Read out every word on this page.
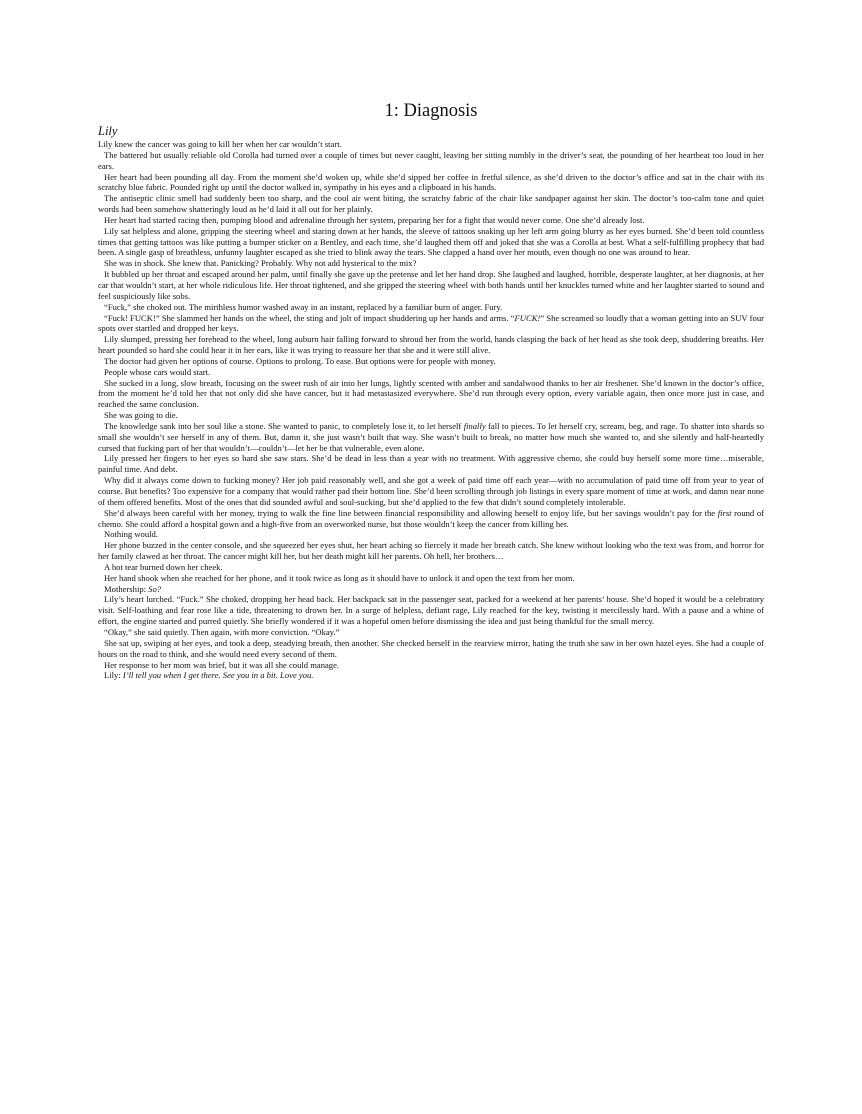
1: Diagnosis
Lily

Lily knew the cancer was going to kill her when her car wouldn’t start.

The battered but usually reliable old Corolla had turned over a couple of times but never caught, leaving her sitting numbly in the driver’s seat, the pounding of her heartbeat too loud in her ears.

Her heart had been pounding all day. From the moment she’d woken up, while she’d sipped her coffee in fretful silence, as she’d driven to the doctor’s office and sat in the chair with its scratchy blue fabric. Pounded right up until the doctor walked in, sympathy in his eyes and a clipboard in his hands.

The antiseptic clinic smell had suddenly been too sharp, and the cool air went biting, the scratchy fabric of the chair like sandpaper against her skin. The doctor’s too-calm tone and quiet words had been somehow shatteringly loud as he’d laid it all out for her plainly.

Her heart had started racing then, pumping blood and adrenaline through her system, preparing her for a fight that would never come. One she’d already lost.

Lily sat helpless and alone, gripping the steering wheel and staring down at her hands, the sleeve of tattoos snaking up her left arm going blurry as her eyes burned. She’d been told countless times that getting tattoos was like putting a bumper sticker on a Bentley, and each time, she’d laughed them off and joked that she was a Corolla at best. What a self-fulfilling prophecy that had been. A single gasp of breathless, unfunny laughter escaped as she tried to blink away the tears. She clapped a hand over her mouth, even though no one was around to hear.

She was in shock. She knew that. Panicking? Probably. Why not add hysterical to the mix?

It bubbled up her throat and escaped around her palm, until finally she gave up the pretense and let her hand drop. She laughed and laughed, horrible, desperate laughter, at her diagnosis, at her car that wouldn’t start, at her whole ridiculous life. Her throat tightened, and she gripped the steering wheel with both hands until her knuckles turned white and her laughter started to sound and feel suspiciously like sobs.

“Fuck,” she choked out. The mirthless humor washed away in an instant, replaced by a familiar burn of anger. Fury.

“Fuck! FUCK!” She slammed her hands on the wheel, the sting and jolt of impact shuddering up her hands and arms. “FUCK!” She screamed so loudly that a woman getting into an SUV four spots over startled and dropped her keys.

Lily slumped, pressing her forehead to the wheel, long auburn hair falling forward to shroud her from the world, hands clasping the back of her head as she took deep, shuddering breaths. Her heart pounded so hard she could hear it in her ears, like it was trying to reassure her that she and it were still alive.

The doctor had given her options of course. Options to prolong. To ease. But options were for people with money.

People whose cars would start.

She sucked in a long, slow breath, focusing on the sweet rush of air into her lungs, lightly scented with amber and sandalwood thanks to her air freshener. She’d known in the doctor’s office, from the moment he’d told her that not only did she have cancer, but it had metastasized everywhere. She’d run through every option, every variable again, then once more just in case, and reached the same conclusion.

She was going to die.

The knowledge sank into her soul like a stone. She wanted to panic, to completely lose it, to let herself finally fall to pieces. To let herself cry, scream, beg, and rage. To shatter into shards so small she wouldn’t see herself in any of them. But, damn it, she just wasn’t built that way. She wasn’t built to break, no matter how much she wanted to, and she silently and half-heartedly cursed that fucking part of her that wouldn’t—couldn’t—let her be that vulnerable, even alone.

Lily pressed her fingers to her eyes so hard she saw stars. She’d be dead in less than a year with no treatment. With aggressive chemo, she could buy herself some more time…miserable, painful time. And debt.

Why did it always come down to fucking money? Her job paid reasonably well, and she got a week of paid time off each year—with no accumulation of paid time off from year to year of course. But benefits? Too expensive for a company that would rather pad their bottom line. She’d been scrolling through job listings in every spare moment of time at work, and damn near none of them offered benefits. Most of the ones that did sounded awful and soul-sucking, but she’d applied to the few that didn’t sound completely intolerable.

She’d always been careful with her money, trying to walk the fine line between financial responsibility and allowing herself to enjoy life, but her savings wouldn’t pay for the first round of chemo. She could afford a hospital gown and a high-five from an overworked nurse, but those wouldn’t keep the cancer from killing her.

Nothing would.

Her phone buzzed in the center console, and she squeezed her eyes shut, her heart aching so fiercely it made her breath catch. She knew without looking who the text was from, and horror for her family clawed at her throat. The cancer might kill her, but her death might kill her parents. Oh hell, her brothers…

A hot tear burned down her cheek.

Her hand shook when she reached for her phone, and it took twice as long as it should have to unlock it and open the text from her mom.

Mothership: So?

Lily’s heart lurched. “Fuck.” She choked, dropping her head back. Her backpack sat in the passenger seat, packed for a weekend at her parents’ house. She’d hoped it would be a celebratory visit. Self-loathing and fear rose like a tide, threatening to drown her. In a surge of helpless, defiant rage, Lily reached for the key, twisting it mercilessly hard. With a pause and a whine of effort, the engine started and purred quietly. She briefly wondered if it was a hopeful omen before dismissing the idea and just being thankful for the small mercy.

“Okay,” she said quietly. Then again, with more conviction. “Okay.”

She sat up, swiping at her eyes, and took a deep, steadying breath, then another. She checked herself in the rearview mirror, hating the truth she saw in her own hazel eyes. She had a couple of hours on the road to think, and she would need every second of them.

Her response to her mom was brief, but it was all she could manage.

Lily: I’ll tell you when I get there. See you in a bit. Love you.
